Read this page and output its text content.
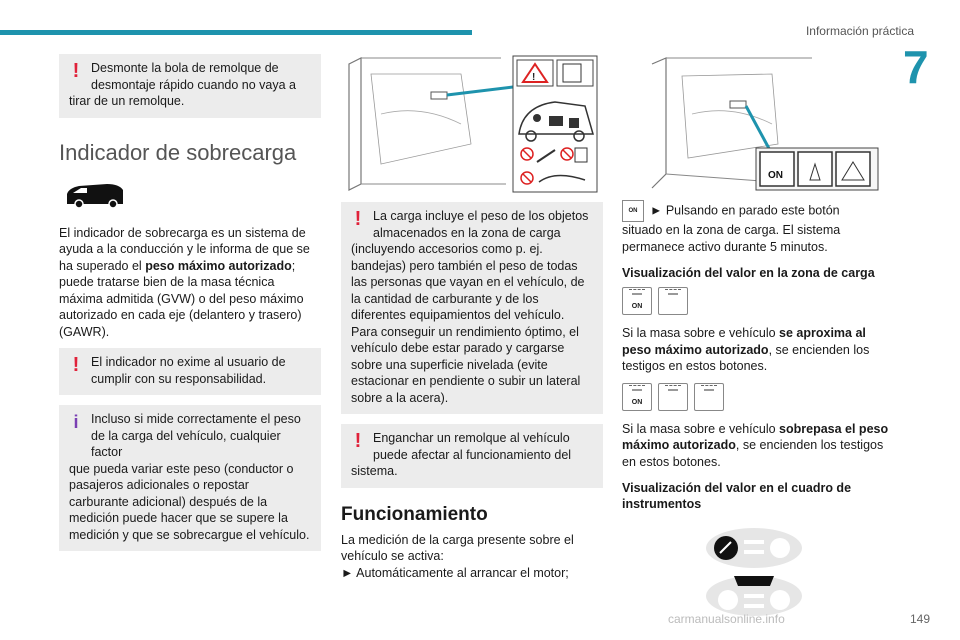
Información práctica
7
! Desmonte la bola de remolque de desmontaje rápido cuando no vaya a
tirar de un remolque.
Indicador de sobrecarga

El indicador de sobrecarga es un sistema de ayuda a la conducción y le informa de que se ha superado el peso máximo autorizado; puede tratarse bien de la masa técnica máxima admitida (GVW) o del peso máximo autorizado en cada eje (delantero y trasero) (GAWR).

! El indicador no exime al usuario de cumplir con su responsabilidad.
i	Incluso si mide correctamente el peso de la carga del vehículo, cualquier factor
que pueda variar este peso (conductor o pasajeros adicionales o repostar carburante adicional) después de la medición puede hacer que se supere la medición y que se sobrecargue el vehículo.
!
! La carga incluye el peso de los objetos almacenados en la zona de carga
(incluyendo accesorios como p. ej. bandejas) pero también el peso de todas las personas que vayan en el vehículo, de la cantidad de carburante y de los diferentes equipamientos del vehículo.
Para conseguir un rendimiento óptimo, el vehículo debe estar parado y cargarse sobre una superficie nivelada (evite estacionar en pendiente o subir un lateral sobre a la acera).
! Enganchar un remolque al vehículo puede afectar al funcionamiento del
sistema.
Funcionamiento

La medición de la carga presente sobre el vehículo se activa:
► Automáticamente al arrancar el motor;

ON

ON ► Pulsando en parado este botón
situado en la zona de carga. El sistema permanece activo durante 5 minutos.

Visualización del valor en la zona de carga
ON

Si la masa sobre e vehículo se aproxima al peso máximo autorizado, se encienden los testigos en estos botones.

ON

Si la masa sobre e vehículo sobrepasa el peso máximo autorizado, se encienden los testigos en estos botones.

Visualización del valor en el cuadro de instrumentos
carmanualsonline.info	149
